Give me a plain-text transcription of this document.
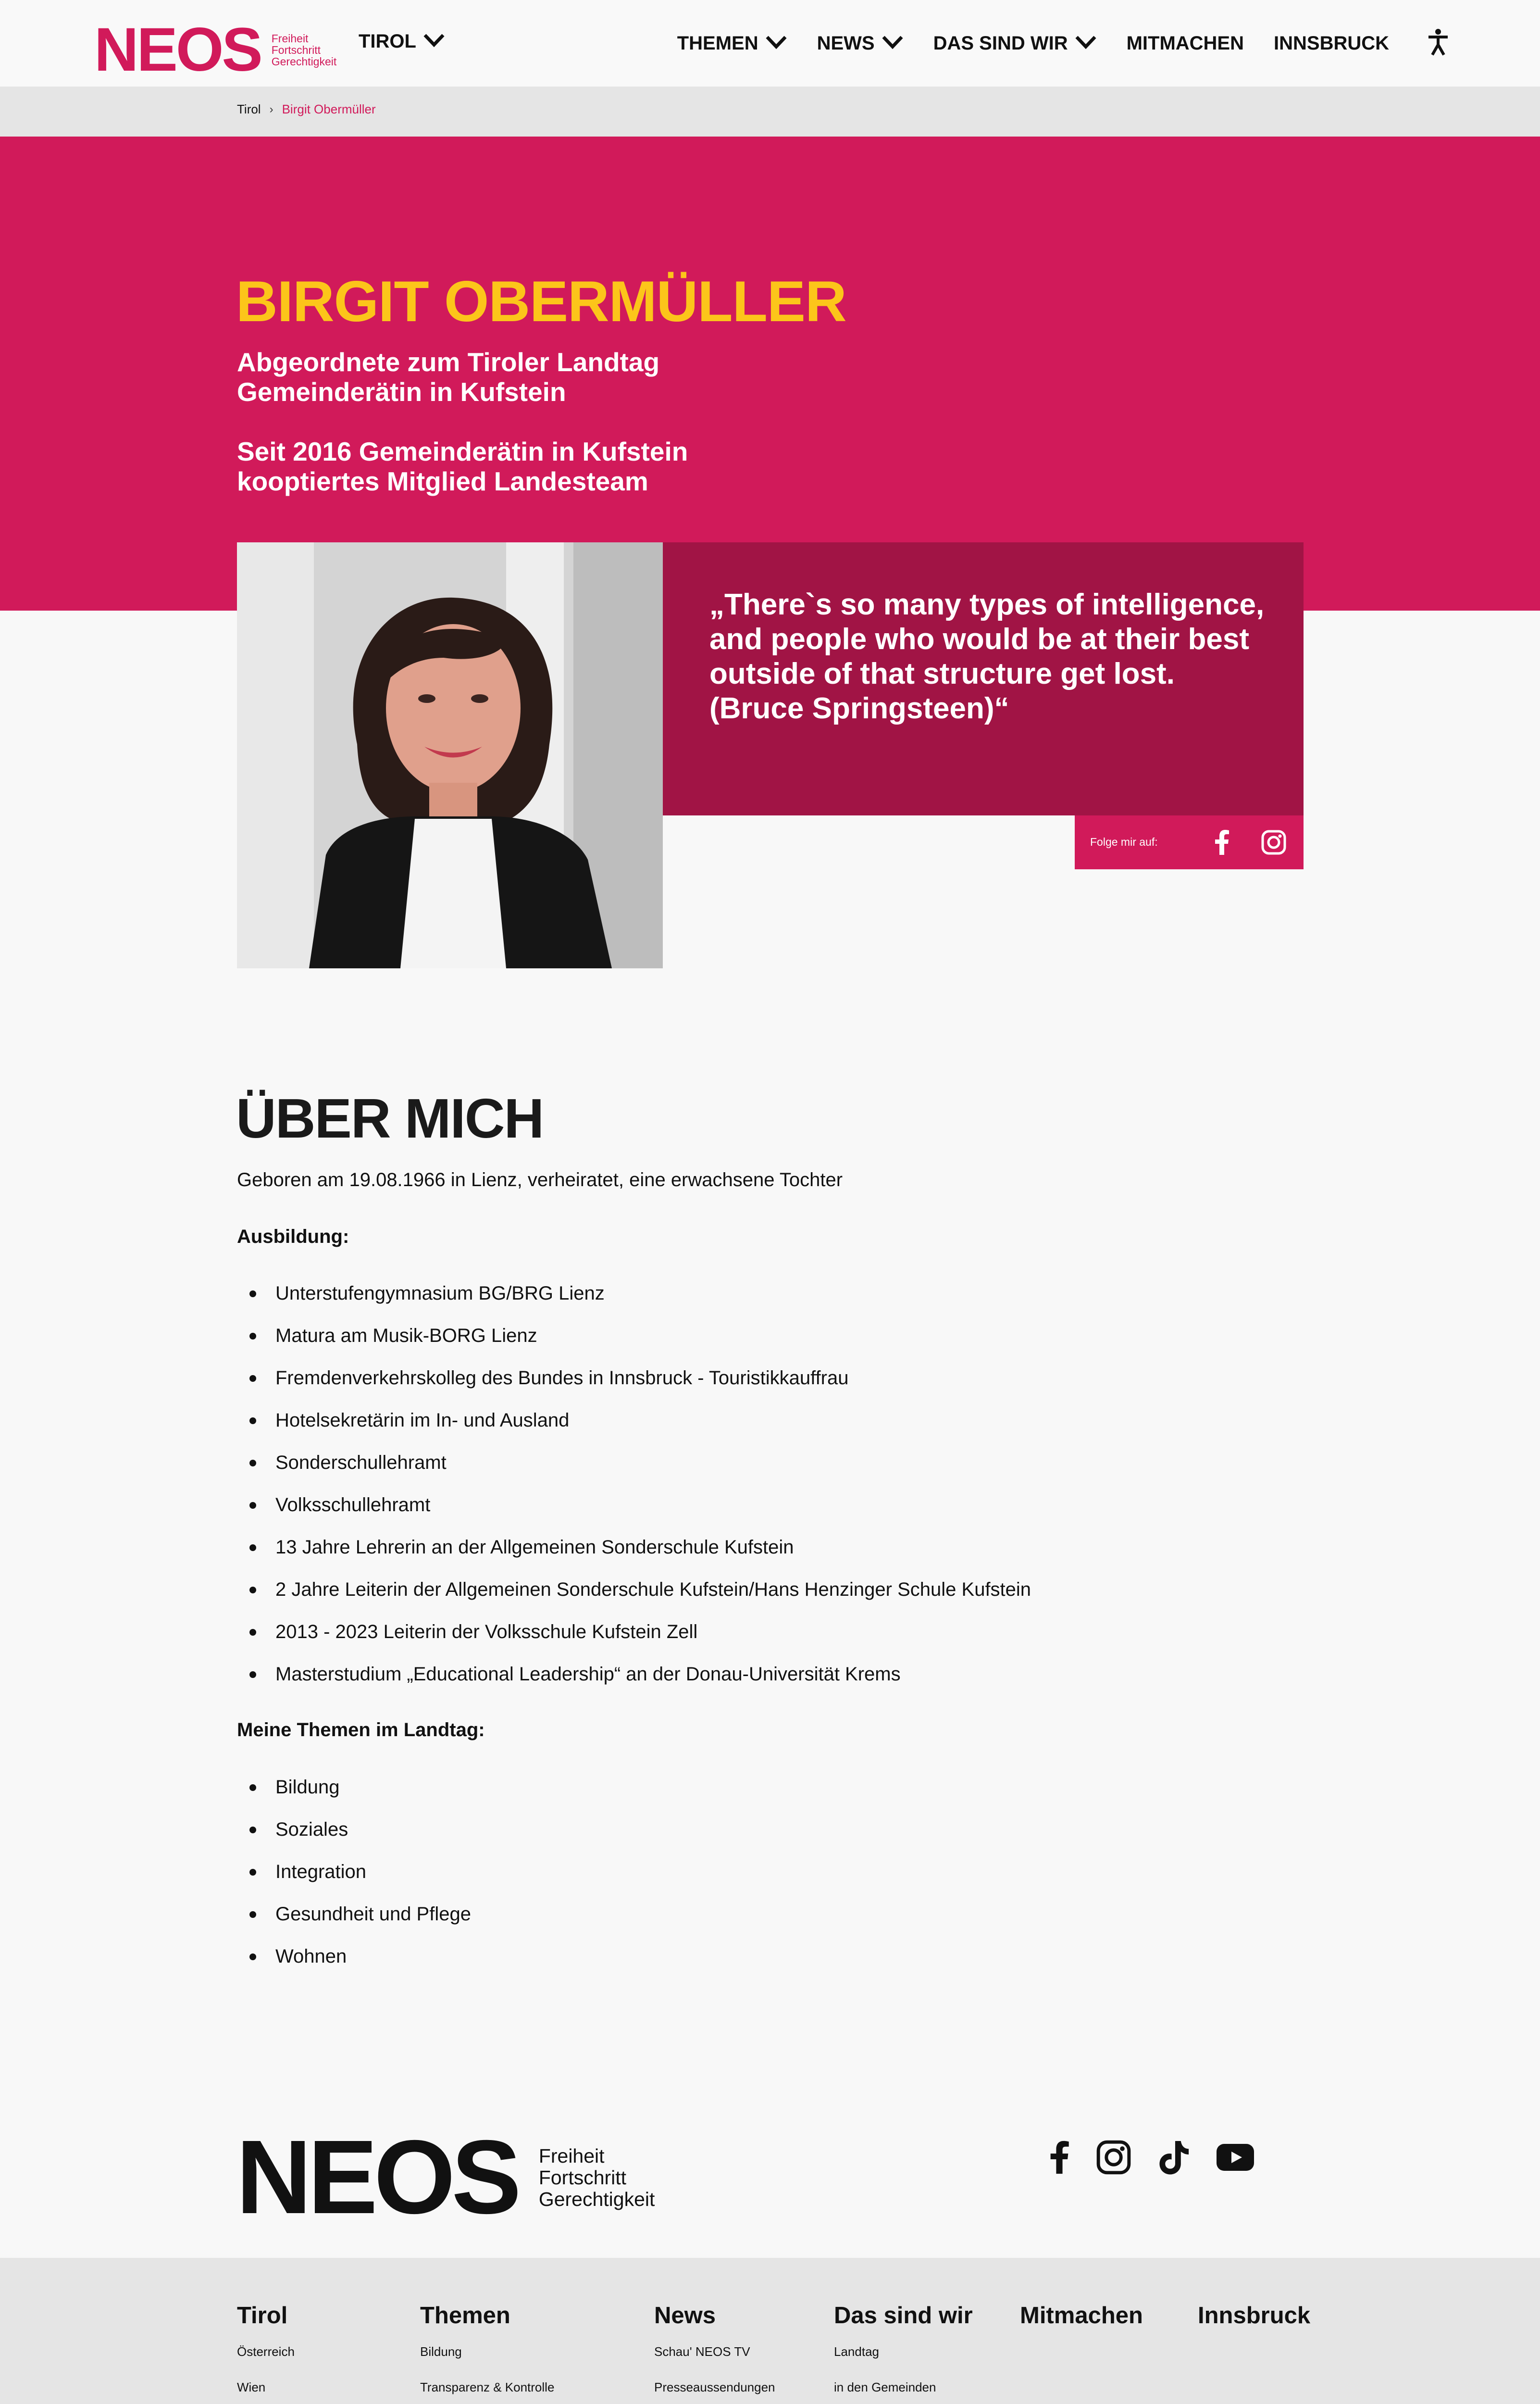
NEOS Freiheit
Fortschritt
Gerechtigkeit
TIROL	THEMEN	NEWS	DAS SIND WIR	MITMACHEN INNSBRUCK
Tirol › Birgit Obermüller
BIRGIT OBERMÜLLER
Abgeordnete zum Tiroler Landtag
Gemeinderätin in Kufstein
Seit 2016 Gemeinderätin in Kufstein
kooptiertes Mitglied Landesteam

„There`s so many types of intelligence, and people who would be at their best outside of that structure get lost. (Bruce Springsteen)“

Folge mir auf:
ÜBER MICH

Geboren am 19.08.1966 in Lienz, verheiratet, eine erwachsene Tochter

Ausbildung:

Unterstufengymnasium BG/BRG Lienz
Matura am Musik-BORG Lienz
Fremdenverkehrskolleg des Bundes in Innsbruck - Touristikkauffrau
Hotelsekretärin im In- und Ausland
Sonderschullehramt
Volksschullehramt
13 Jahre Lehrerin an der Allgemeinen Sonderschule Kufstein
2 Jahre Leiterin der Allgemeinen Sonderschule Kufstein/Hans Henzinger Schule Kufstein
2013 - 2023 Leiterin der Volksschule Kufstein Zell
Masterstudium „Educational Leadership“ an der Donau-Universität Krems

Meine Themen im Landtag:

Bildung
Soziales
Integration
Gesundheit und Pflege
Wohnen
NEOS Freiheit
Fortschritt
Gerechtigkeit
Tirol
Österreich
Wien
Themen
Bildung
Transparenz & Kontrolle
News
Schau' NEOS TV
Presseaussendungen
Das sind wir
Landtag
in den Gemeinden
Mitmachen Innsbruck
